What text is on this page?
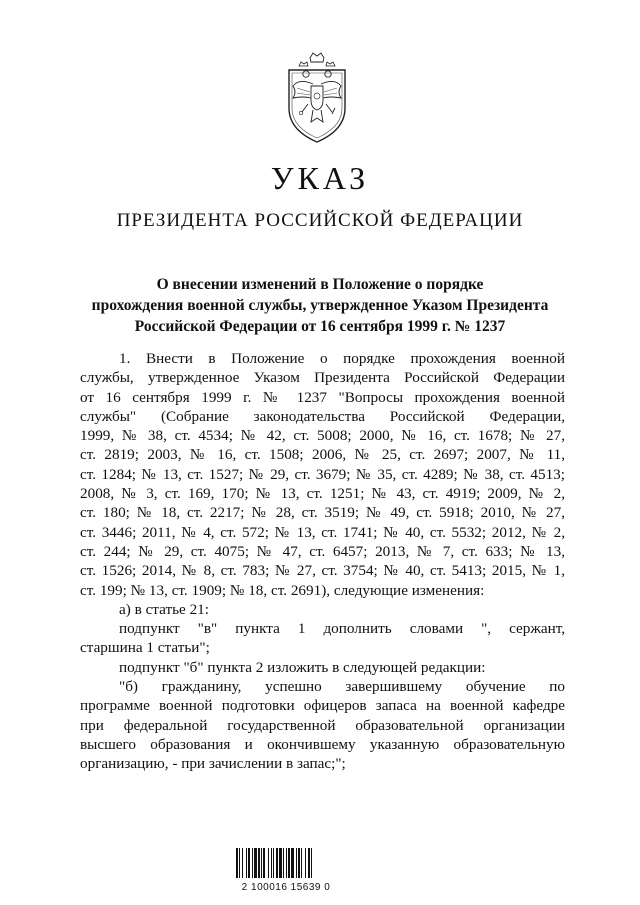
УКАЗ
ПРЕЗИДЕНТА РОССИЙСКОЙ ФЕДЕРАЦИИ
О внесении изменений в Положение о порядке
прохождения военной службы, утвержденное Указом Президента
Российской Федерации от 16 сентября 1999 г. № 1237
1. Внести в Положение о порядке прохождения военной
службы, утвержденное Указом Президента Российской Федерации
от 16 сентября 1999 г. № 1237 "Вопросы прохождения военной
службы" (Собрание законодательства Российской Федерации,
1999, № 38, ст. 4534; № 42, ст. 5008; 2000, № 16, ст. 1678; № 27,
ст. 2819; 2003, № 16, ст. 1508; 2006, № 25, ст. 2697; 2007, № 11,
ст. 1284; № 13, ст. 1527; № 29, ст. 3679; № 35, ст. 4289; № 38, ст. 4513;
2008, № 3, ст. 169, 170; № 13, ст. 1251; № 43, ст. 4919; 2009, № 2,
ст. 180; № 18, ст. 2217; № 28, ст. 3519; № 49, ст. 5918; 2010, № 27,
ст. 3446; 2011, № 4, ст. 572; № 13, ст. 1741; № 40, ст. 5532; 2012, № 2,
ст. 244; № 29, ст. 4075; № 47, ст. 6457; 2013, № 7, ст. 633; № 13,
ст. 1526; 2014, № 8, ст. 783; № 27, ст. 3754; № 40, ст. 5413; 2015, № 1,
ст. 199; № 13, ст. 1909; № 18, ст. 2691), следующие изменения:
а) в статье 21:
подпункт "в" пункта 1 дополнить словами ", сержант,
старшина 1 статьи";
подпункт "б" пункта 2 изложить в следующей редакции:
"б) гражданину, успешно завершившему обучение по
программе военной подготовки офицеров запаса на военной кафедре
при федеральной государственной образовательной организации
высшего образования и окончившему указанную образовательную
организацию, - при зачислении в запас;";
2 100016 15639 0
